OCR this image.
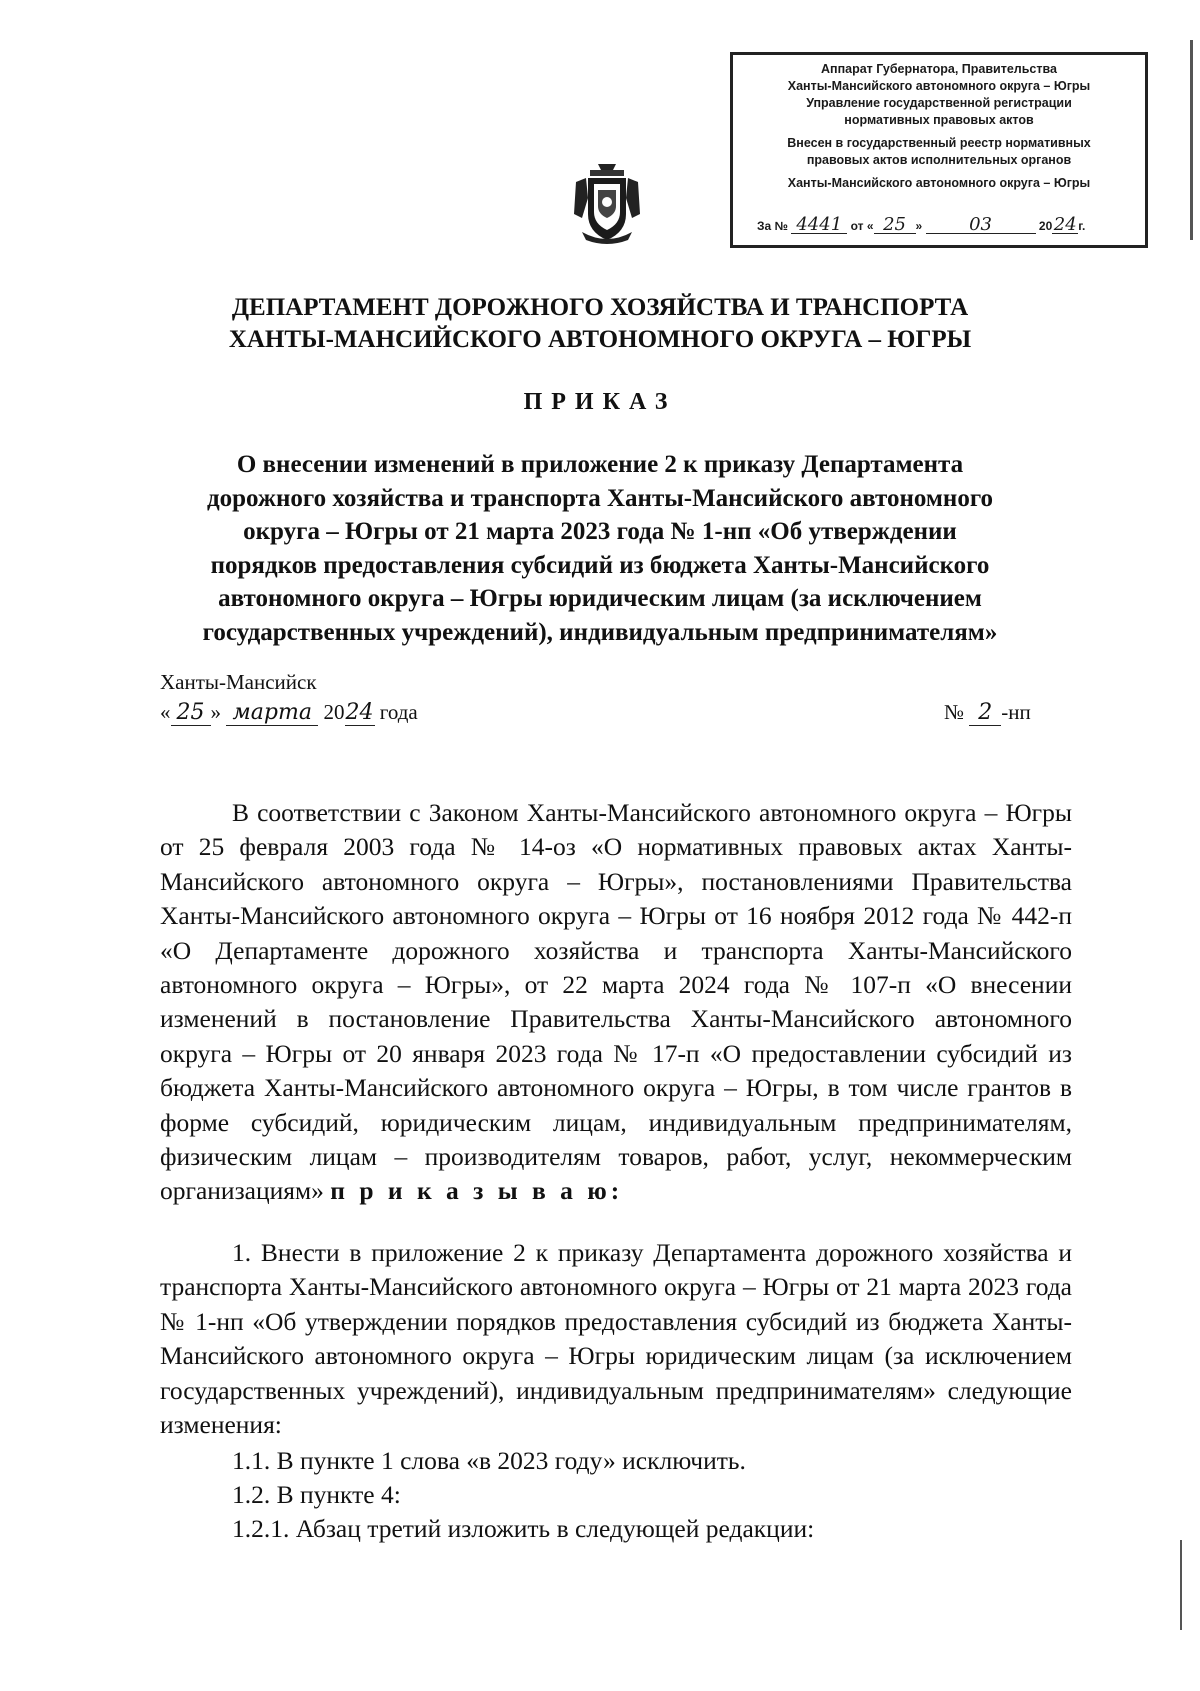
Аппарат Губернатора, Правительства
Ханты-Мансийского автономного округа – Югры
Управление государственной регистрации
нормативных правовых актов
Внесен в государственный реестр нормативных
правовых актов исполнительных органов
Ханты-Мансийского автономного округа – Югры
За № 4441 от « 25 »	03	2024 г.
ДЕПАРТАМЕНТ ДОРОЖНОГО ХОЗЯЙСТВА И ТРАНСПОРТА
ХАНТЫ-МАНСИЙСКОГО АВТОНОМНОГО ОКРУГА – ЮГРЫ
ПРИКАЗ
О внесении изменений в приложение 2 к приказу Департамента
дорожного хозяйства и транспорта Ханты-Мансийского автономного
округа – Югры от 21 марта 2023 года № 1-нп «Об утверждении
порядков предоставления субсидий из бюджета Ханты-Мансийского
автономного округа – Югры юридическим лицам (за исключением
государственных учреждений), индивидуальным предпринимателям»
Ханты-Мансийск
« 25 » марта 2024 года	№ 2 -нп
В соответствии с Законом Ханты-Мансийского автономного округа – Югры от 25 февраля 2003 года № 14-оз «О нормативных правовых актах Ханты-Мансийского автономного округа – Югры», постановлениями Правительства Ханты-Мансийского автономного округа – Югры от 16 ноября 2012 года № 442-п «О Департаменте дорожного хозяйства и транспорта Ханты-Мансийского автономного округа – Югры», от 22 марта 2024 года № 107-п «О внесении изменений в постановление Правительства Ханты-Мансийского автономного округа – Югры от 20 января 2023 года № 17-п «О предоставлении субсидий из бюджета Ханты-Мансийского автономного округа – Югры, в том числе грантов в форме субсидий, юридическим лицам, индивидуальным предпринимателям, физическим лицам – производителям товаров, работ, услуг, некоммерческим организациям» п р и к а з ы в а ю:
1. Внести в приложение 2 к приказу Департамента дорожного хозяйства и транспорта Ханты-Мансийского автономного округа – Югры от 21 марта 2023 года № 1-нп «Об утверждении порядков предоставления субсидий из бюджета Ханты-Мансийского автономного округа – Югры юридическим лицам (за исключением государственных учреждений), индивидуальным предпринимателям» следующие изменения:
1.1. В пункте 1 слова «в 2023 году» исключить.
1.2. В пункте 4:
1.2.1. Абзац третий изложить в следующей редакции:
